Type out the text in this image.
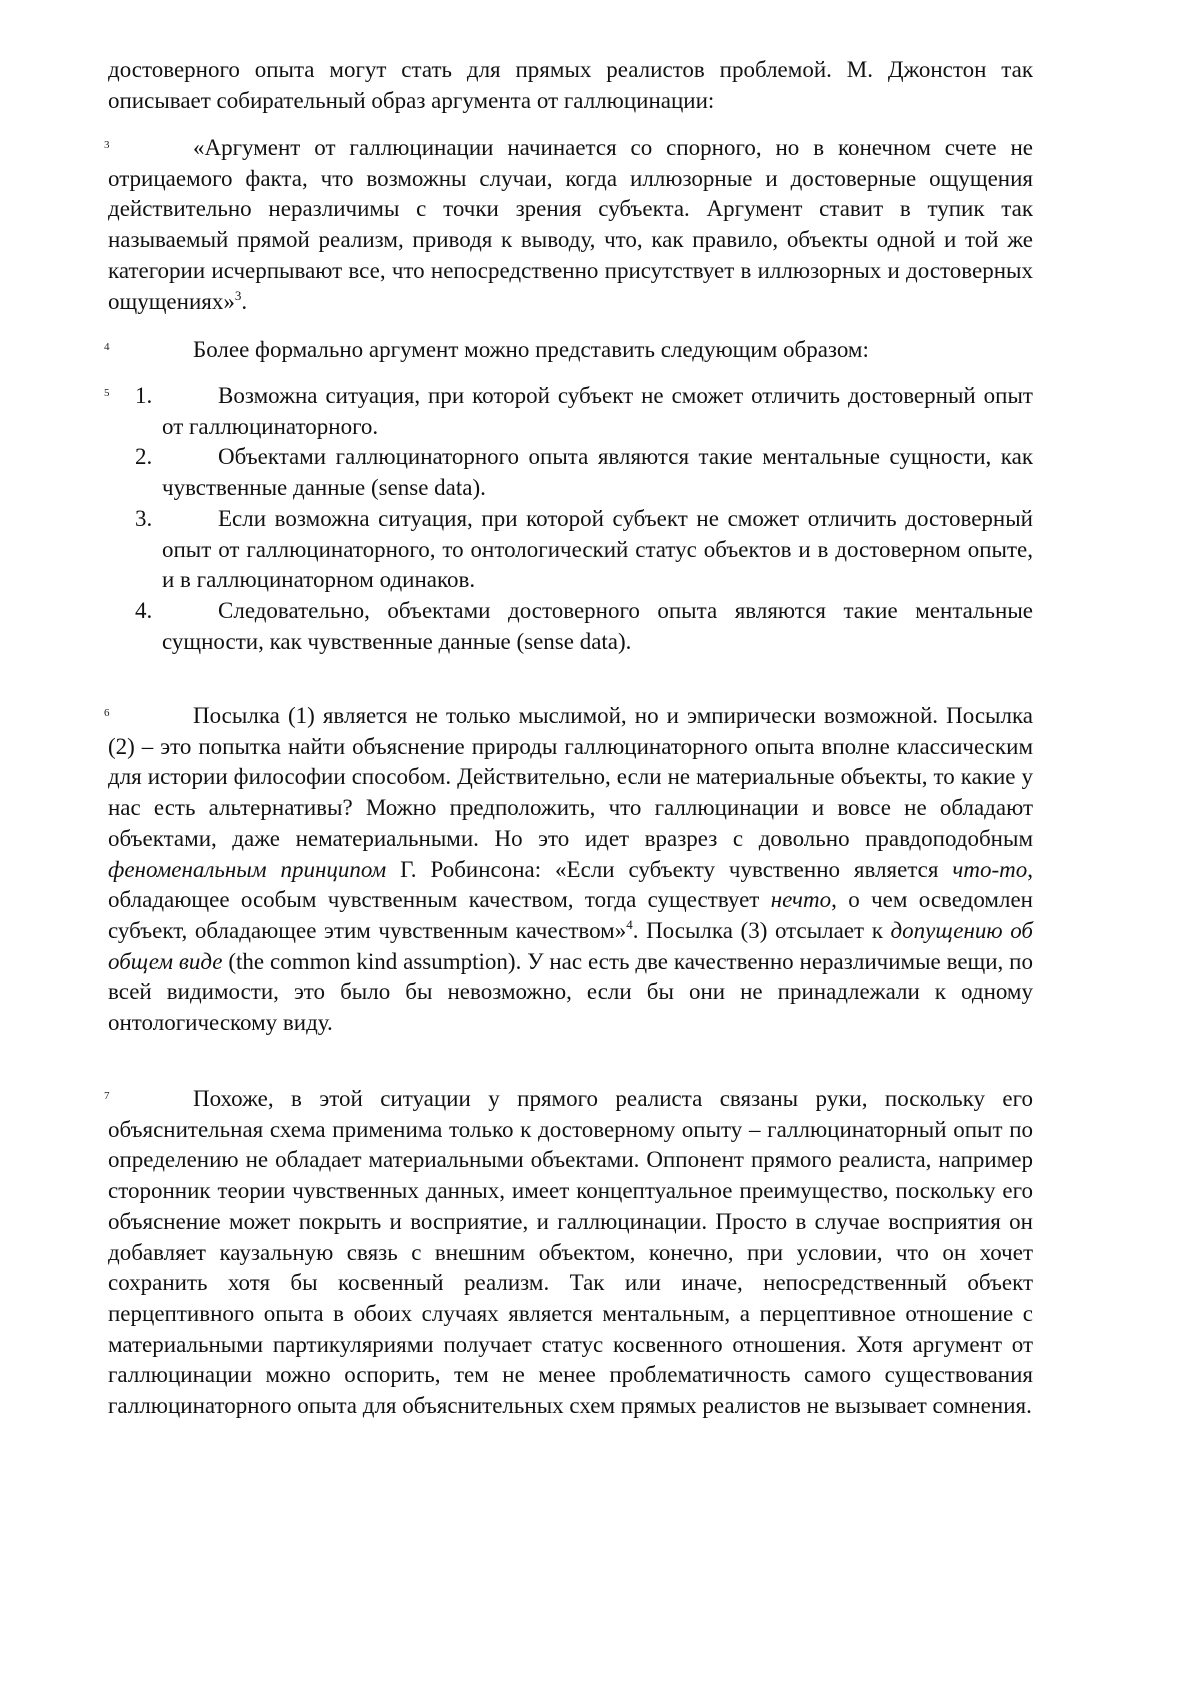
достоверного опыта могут стать для прямых реалистов проблемой. М. Джонстон так описывает собирательный образ аргумента от галлюцинации:

3	«Аргумент от галлюцинации начинается со спорного, но в конечном счете не отрицаемого факта, что возможны случаи, когда иллюзорные и достоверные ощущения действительно неразличимы с точки зрения субъекта. Аргумент ставит в тупик так называемый прямой реализм, приводя к выводу, что, как правило, объекты одной и той же категории исчерпывают все, что непосредственно присутствует в иллюзорных и достоверных ощущениях»3.

4	Более формально аргумент можно представить следующим образом:

5 1.	Возможна ситуация, при которой субъект не сможет отличить достоверный опыт от галлюцинаторного.

2.	Объектами галлюцинаторного опыта являются такие ментальные сущности, как чувственные данные (sense data).

3.	Если возможна ситуация, при которой субъект не сможет отличить достоверный опыт от галлюцинаторного, то онтологический статус объектов и в достоверном опыте, и в галлюцинаторном одинаков.

4.	Следовательно, объектами достоверного опыта являются такие ментальные сущности, как чувственные данные (sense data).

6	Посылка (1) является не только мыслимой, но и эмпирически возможной. Посылка (2) – это попытка найти объяснение природы галлюцинаторного опыта вполне классическим для истории философии способом. Действительно, если не материальные объекты, то какие у нас есть альтернативы? Можно предположить, что галлюцинации и вовсе не обладают объектами, даже нематериальными. Но это идет вразрез с довольно правдоподобным феноменальным принципом Г. Робинсона: «Если субъекту чувственно является что-то, обладающее особым чувственным качеством, тогда существует нечто, о чем осведомлен субъект, обладающее этим чувственным качеством»4. Посылка (3) отсылает к допущению об общем виде (the common kind assumption). У нас есть две качественно неразличимые вещи, по всей видимости, это было бы невозможно, если бы они не принадлежали к одному онтологическому виду.

7	Похоже, в этой ситуации у прямого реалиста связаны руки, поскольку его объяснительная схема применима только к достоверному опыту – галлюцинаторный опыт по определению не обладает материальными объектами. Оппонент прямого реалиста, например сторонник теории чувственных данных, имеет концептуальное преимущество, поскольку его объяснение может покрыть и восприятие, и галлюцинации. Просто в случае восприятия он добавляет каузальную связь с внешним объектом, конечно, при условии, что он хочет сохранить хотя бы косвенный реализм. Так или иначе, непосредственный объект перцептивного опыта в обоих случаях является ментальным, а перцептивное отношение с материальными партикуляриями получает статус косвенного отношения. Хотя аргумент от галлюцинации можно оспорить, тем не менее проблематичность самого существования галлюцинаторного опыта для объяснительных схем прямых реалистов не вызывает сомнения.
